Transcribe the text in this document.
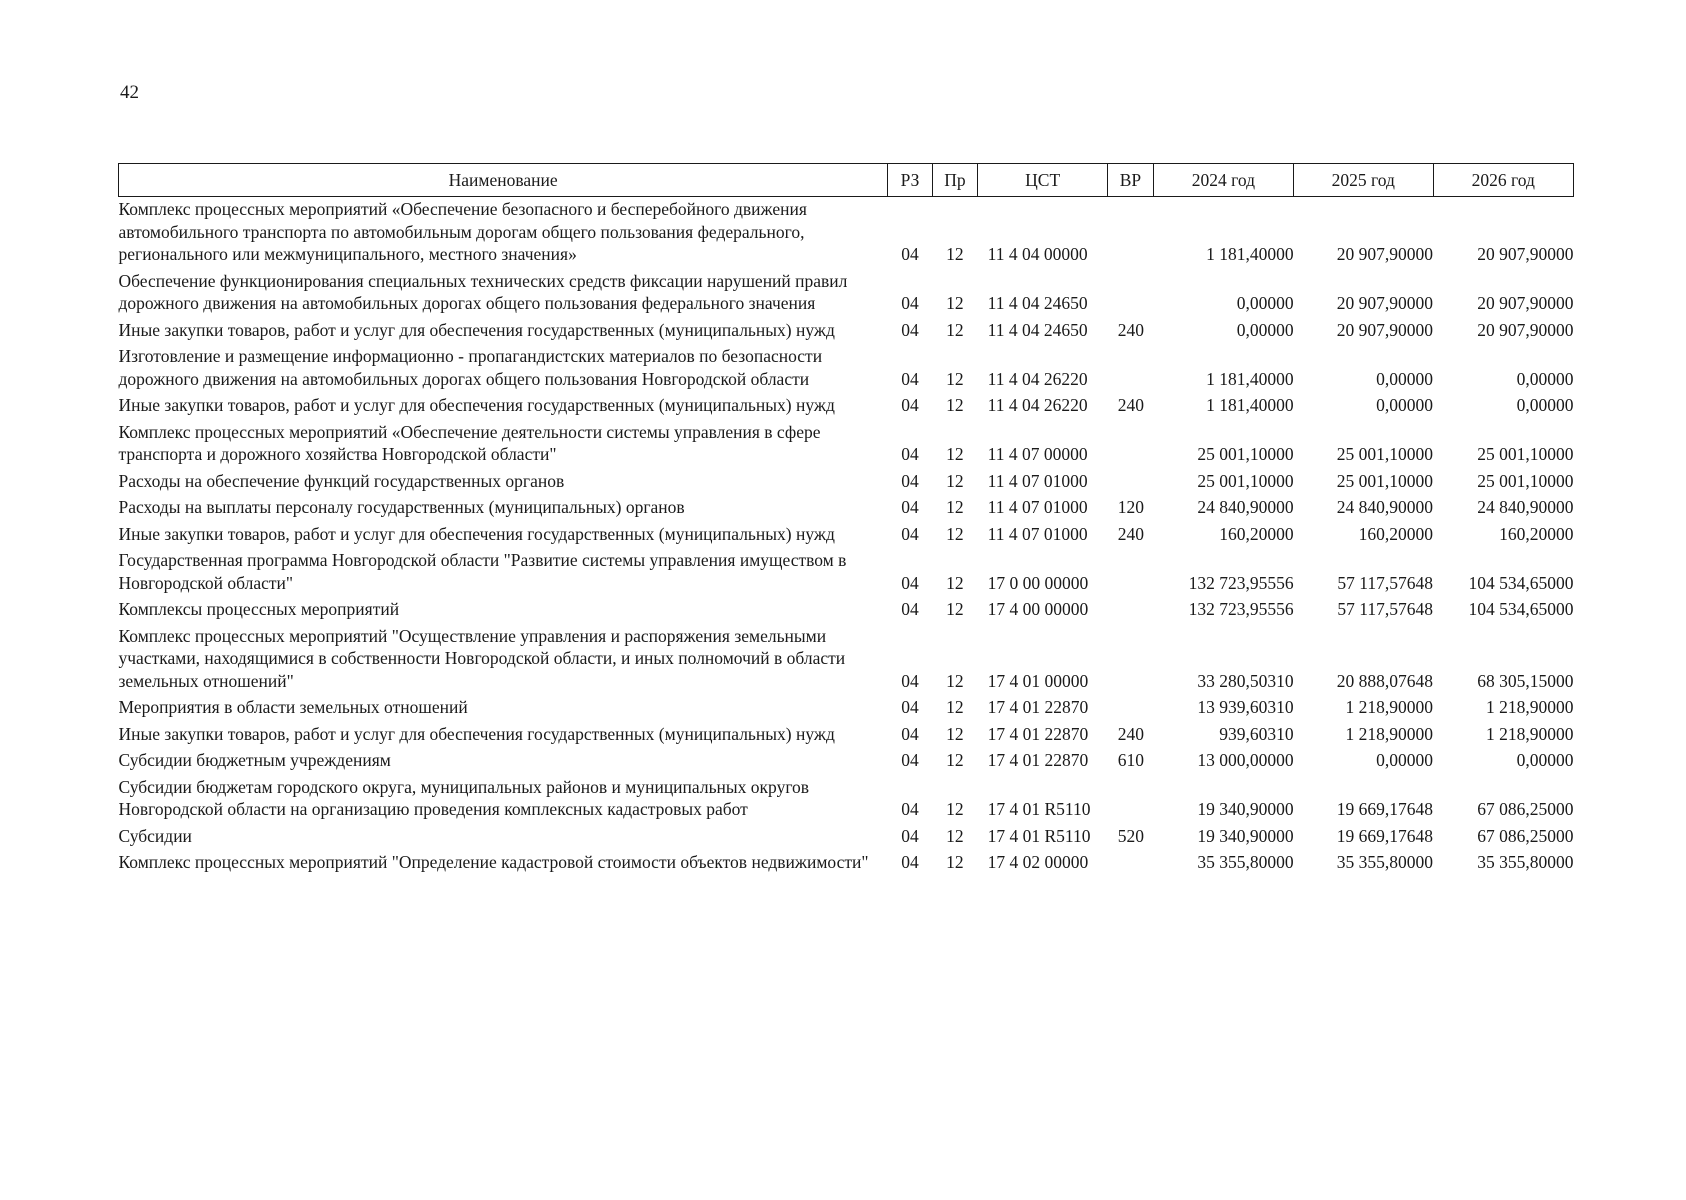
42
Наименование	РЗ	Пр	ЦСТ	ВР	2024 год	2025 год	2026 год
Комплекс процессных мероприятий «Обеспечение безопасного и бесперебойного движения автомобильного транспорта по автомобильным дорогам общего пользования федерального, регионального или межмуниципального, местного значения»	04	12	11 4 04 00000		1 181,40000	20 907,90000	20 907,90000
Обеспечение функционирования специальных технических средств фиксации нарушений правил дорожного движения на автомобильных дорогах общего пользования федерального значения	04	12	11 4 04 24650		0,00000	20 907,90000	20 907,90000
Иные закупки товаров, работ и услуг для обеспечения государственных (муниципальных) нужд	04	12	11 4 04 24650	240	0,00000	20 907,90000	20 907,90000
Изготовление и размещение информационно - пропагандистских материалов по безопасности дорожного движения на автомобильных дорогах общего пользования Новгородской области	04	12	11 4 04 26220		1 181,40000	0,00000	0,00000
Иные закупки товаров, работ и услуг для обеспечения государственных (муниципальных) нужд	04	12	11 4 04 26220	240	1 181,40000	0,00000	0,00000
Комплекс процессных мероприятий «Обеспечение деятельности системы управления в сфере транспорта и дорожного хозяйства Новгородской области"	04	12	11 4 07 00000		25 001,10000	25 001,10000	25 001,10000
Расходы на обеспечение функций государственных органов	04	12	11 4 07 01000		25 001,10000	25 001,10000	25 001,10000
Расходы на выплаты персоналу государственных (муниципальных) органов	04	12	11 4 07 01000	120	24 840,90000	24 840,90000	24 840,90000
Иные закупки товаров, работ и услуг для обеспечения государственных (муниципальных) нужд	04	12	11 4 07 01000	240	160,20000	160,20000	160,20000
Государственная программа Новгородской области "Развитие системы управления имуществом в Новгородской области"	04	12	17 0 00 00000		132 723,95556	57 117,57648	104 534,65000
Комплексы процессных мероприятий	04	12	17 4 00 00000		132 723,95556	57 117,57648	104 534,65000
Комплекс процессных мероприятий "Осуществление управления и распоряжения земельными участками, находящимися в собственности Новгородской области, и иных полномочий в области земельных отношений"	04	12	17 4 01 00000		33 280,50310	20 888,07648	68 305,15000
Мероприятия в области земельных отношений	04	12	17 4 01 22870		13 939,60310	1 218,90000	1 218,90000
Иные закупки товаров, работ и услуг для обеспечения государственных (муниципальных) нужд	04	12	17 4 01 22870	240	939,60310	1 218,90000	1 218,90000
Субсидии бюджетным учреждениям	04	12	17 4 01 22870	610	13 000,00000	0,00000	0,00000
Субсидии бюджетам городского округа, муниципальных районов и муниципальных округов Новгородской области на организацию проведения комплексных кадастровых работ	04	12	17 4 01 R5110		19 340,90000	19 669,17648	67 086,25000
Субсидии	04	12	17 4 01 R5110	520	19 340,90000	19 669,17648	67 086,25000
Комплекс процессных мероприятий "Определение кадастровой стоимости объектов недвижимости"	04	12	17 4 02 00000		35 355,80000	35 355,80000	35 355,80000
